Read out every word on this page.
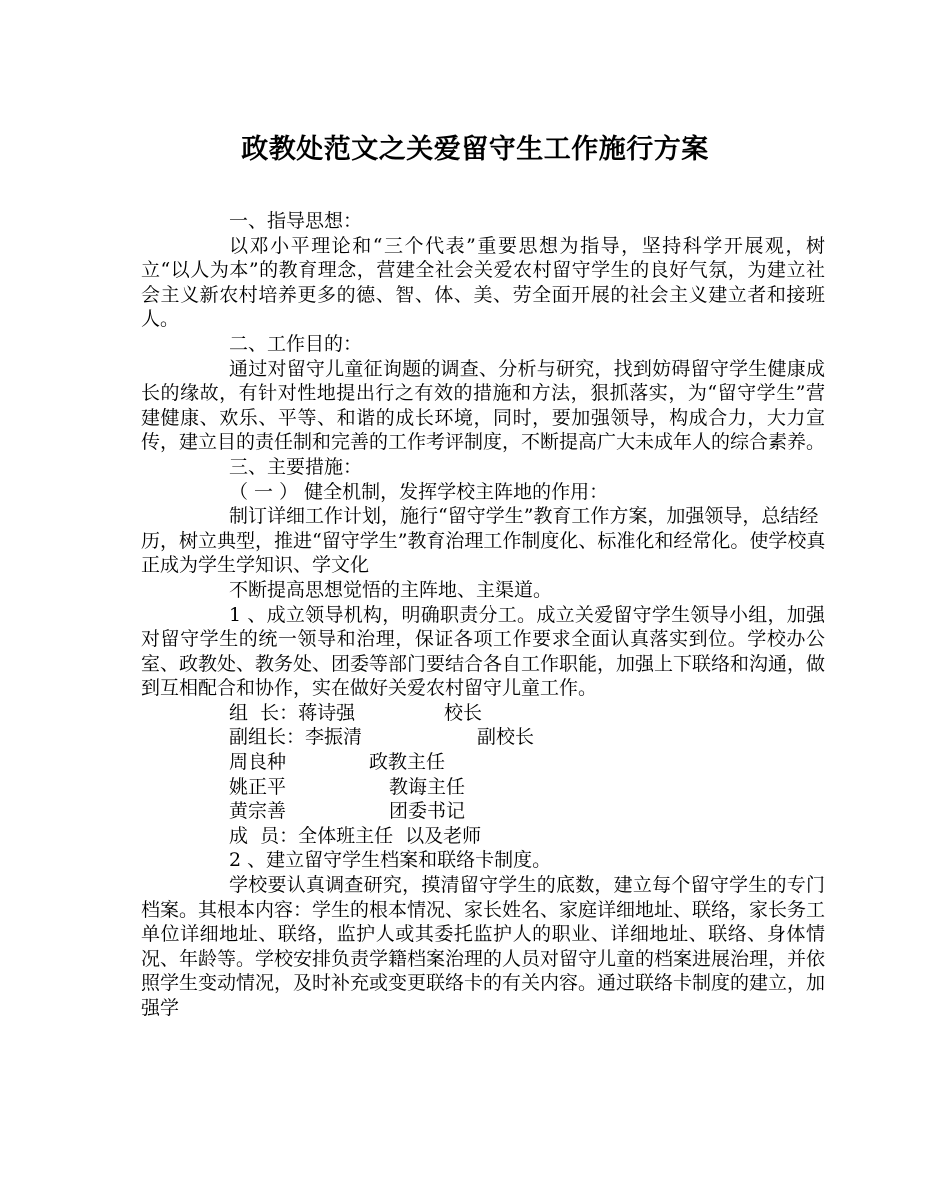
政教处范文之关爱留守生工作施行方案

一、指导思想：

以邓小平理论和“三个代表”重要思想为指导，坚持科学开展观，树立“以人为本”的教育理念，营建全社会关爱农村留守学生的良好气氛，为建立社会主义新农村培养更多的德、智、体、美、劳全面开展的社会主义建立者和接班人。

二、工作目的：

通过对留守儿童征询题的调查、分析与研究，找到妨碍留守学生健康成长的缘故，有针对性地提出行之有效的措施和方法，狠抓落实，为“留守学生”营建健康、欢乐、平等、和谐的成长环境，同时，要加强领导，构成合力，大力宣传，建立目的责任制和完善的工作考评制度，不断提高广大未成年人的综合素养。

三、主要措施：

（ 一 ） 健全机制，发挥学校主阵地的作用：

制订详细工作计划，施行“留守学生”教育工作方案，加强领导，总结经历，树立典型，推进“留守学生”教育治理工作制度化、标准化和经常化。使学校真正成为学生学知识、学文化

不断提高思想觉悟的主阵地、主渠道。

1 、成立领导机构，明确职责分工。成立关爱留守学生领导小组，加强对留守学生的统一领导和治理，保证各项工作要求全面认真落实到位。学校办公室、政教处、教务处、团委等部门要结合各自工作职能，加强上下联络和沟通，做到互相配合和协作，实在做好关爱农村留守儿童工作。

组  长：蒋诗强	校长
副组长：李振清	副校长
周良种	政教主任
姚正平	教诲主任
黄宗善	团委书记
成  员：全体班主任  以及老师

2 、建立留守学生档案和联络卡制度。

学校要认真调查研究，摸清留守学生的底数，建立每个留守学生的专门档案。其根本内容：学生的根本情况、家长姓名、家庭详细地址、联络，家长务工单位详细地址、联络，监护人或其委托监护人的职业、详细地址、联络、身体情况、年龄等。学校安排负责学籍档案治理的人员对留守儿童的档案进展治理，并依照学生变动情况，及时补充或变更联络卡的有关内容。通过联络卡制度的建立，加强学
